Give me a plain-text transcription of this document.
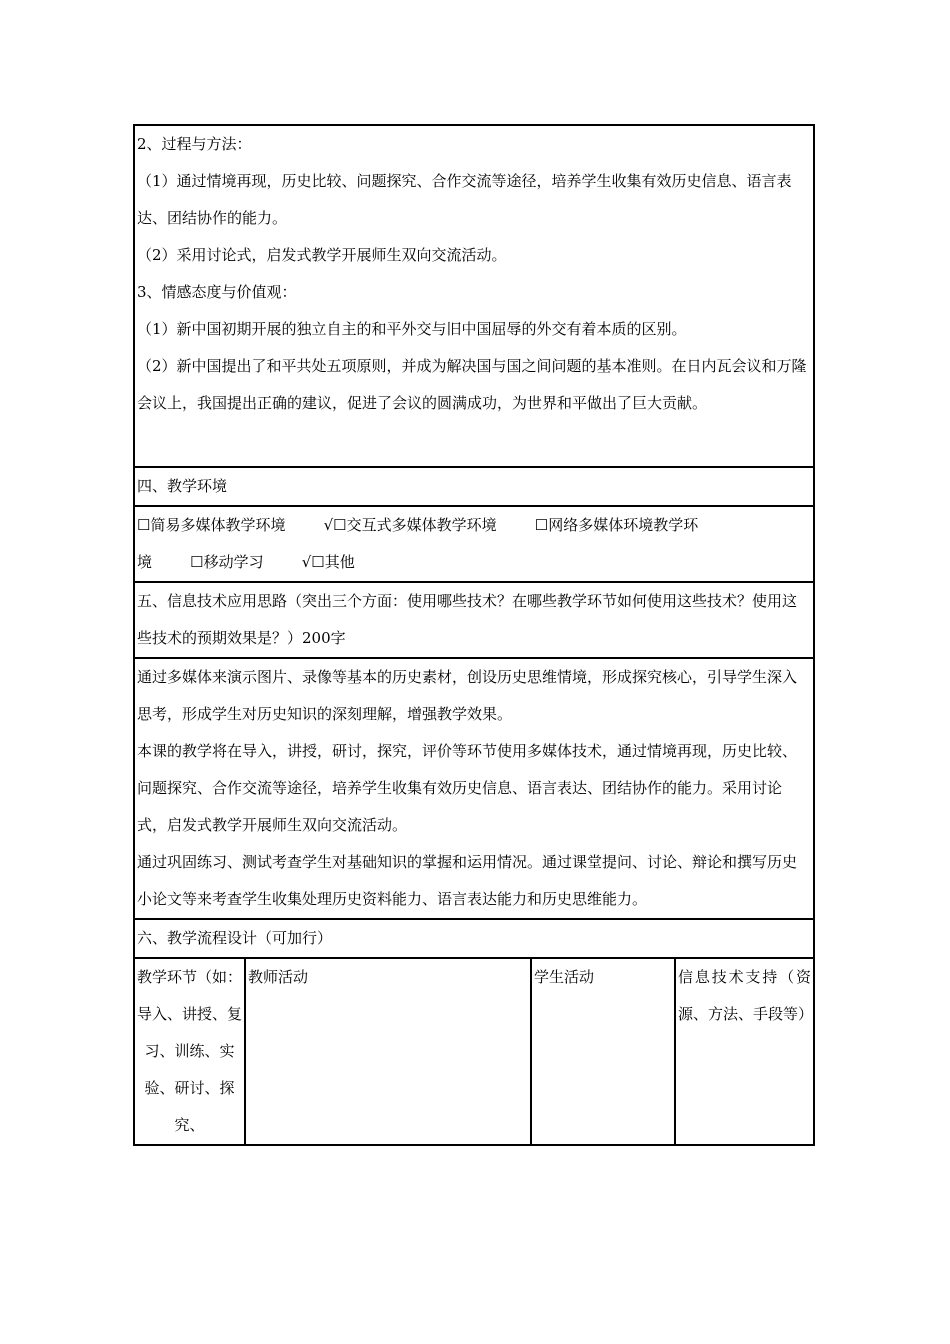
2、过程与方法：

（1）通过情境再现，历史比较、问题探究、合作交流等途径，培养学生收集有效历史信息、语言表达、团结协作的能力。

（2）采用讨论式，启发式教学开展师生双向交流活动。

3、情感态度与价值观：

（1）新中国初期开展的独立自主的和平外交与旧中国屈辱的外交有着本质的区别。

（2）新中国提出了和平共处五项原则，并成为解决国与国之间问题的基本准则。在日内瓦会议和万隆会议上，我国提出正确的建议，促进了会议的圆满成功，为世界和平做出了巨大贡献。

四、教学环境

☐简易多媒体教学环境        √☐交互式多媒体教学环境        ☐网络多媒体环境教学环
境        ☐移动学习        √☐其他

五、信息技术应用思路（突出三个方面：使用哪些技术？在哪些教学环节如何使用这些技术？使用这些技术的预期效果是？）200字

通过多媒体来演示图片、录像等基本的历史素材，创设历史思维情境，形成探究核心，引导学生深入思考，形成学生对历史知识的深刻理解，增强教学效果。

本课的教学将在导入，讲授，研讨，探究，评价等环节使用多媒体技术，通过情境再现，历史比较、问题探究、合作交流等途径，培养学生收集有效历史信息、语言表达、团结协作的能力。采用讨论式，启发式教学开展师生双向交流活动。

通过巩固练习、测试考查学生对基础知识的掌握和运用情况。通过课堂提问、讨论、辩论和撰写历史小论文等来考查学生收集处理历史资料能力、语言表达能力和历史思维能力。

六、教学流程设计（可加行）
教学环节（如：导入、讲授、复习、训练、实验、研讨、探究、	教师活动	学生活动	信息技术支持（资源、方法、手段等）
